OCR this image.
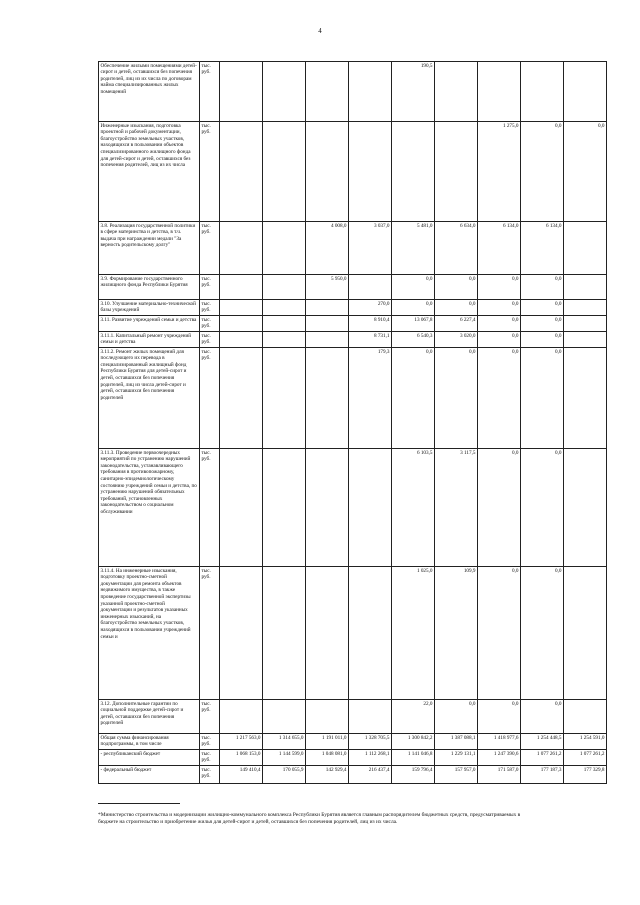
4
Обеспечение жилыми помещениями детей-сирот и детей, оставшихся без попечения родителей, лиц из их числа по договорам найма специализированных жилых помещений	тыс. руб.					190,5				
Инженерные изыскания, подготовка проектной и рабочей документации, благоустройство земельных участков, находящихся в пользовании объектов специализированного жилищного фонда для детей-сирот и детей, оставшихся без попечения родителей, лиц из их числа	тыс. руб.							1 275,0	0,0	0,0
3.8. Реализация государственной политики в сфере материнства и детства, в т.ч. выдача при награждении медали "За верность родительскому долгу"	тыс. руб.			4 008,0	3 037,0	5 481,0	6 634,0	6 134,0	6 134,0	
3.9. Формирование государственного жилищного фонда Республики Бурятия	тыс. руб.			5 950,0		0,0	0,0	0,0	0,0	
3.10. Улучшение материально-технической базы учреждений	тыс. руб.				270,0	0,0	0,0	0,0	0,0	
3.11. Развитие учреждений семьи и детства	тыс. руб.				8 910,4	13 067,8	6 227,4	0,0	0,0	
3.11.1. Капитальный ремонт учреждений семьи и детства	тыс. руб.				8 731,1	6 540,3	3 020,0	0,0	0,0	
3.11.2. Ремонт жилых помещений для последующего их перевода в специализированный жилищный фонд Республики Бурятия для детей-сирот и детей, оставшихся без попечения родителей, лиц из числа детей-сирот и детей, оставшихся без попечения родителей	тыс. руб.				179,3	0,0	0,0	0,0	0,0	
3.11.3. Проведение первоочередных мероприятий по устранению нарушений законодательства, устанавливающего требования в противопожарному, санитарно-эпидемиологическому состоянию учреждений семьи и детства, по устранению нарушений обязательных требований, установленных законодательством о социальном обслуживании	тыс. руб.					6 103,5	3 117,5	0,0	0,0	
3.11.4. На инженерные изыскания, подготовку проектно-сметной документации для ремонта объектов недвижимого имущества, в также проведение государственной экспертизы указанной проектно-сметной документации и результатов указанных инженерных изысканий, на благоустройство земельных участков, находящихся в пользовании учреждений семьи и	тыс. руб.					1 025,0	109,9	0,0	0,0	
3.12. Дополнительные гарантии по социальной поддержке детей-сирот и детей, оставшихся без попечения родителей	тыс. руб.					22,0	0,0	0,0	0,0	
Общая сумма финансирования подпрограммы, в том числе	тыс. руб.	1 217 563,0	1 314 655,0	1 191 011,0	1 328 705,5	1 300 842,2	1 387 088,1	1 418 977,6	1 254 448,5	1 254 591,0
- республиканский бюджет	тыс. руб.	1 068 153,0	1 144 599,0	1 048 081,0	1 112 268,1	1 141 046,8	1 229 131,1	1 247 390,6	1 077 261,2	1 077 261,2
- федеральный бюджет	тыс. руб.	149 410,4	170 055,9	142 929,4	216 437,4	159 796,4	157 957,0	171 587,0	177 187,3	177 329,8
*Министерство строительства и модернизации жилищно-коммунального комплекса Республики Бурятия является главным распорядителем бюджетных средств, предусматриваемых в бюджете на строительство и приобретение жилья для детей-сирот и детей, оставшихся без попечения родителей, лиц из их числа.
